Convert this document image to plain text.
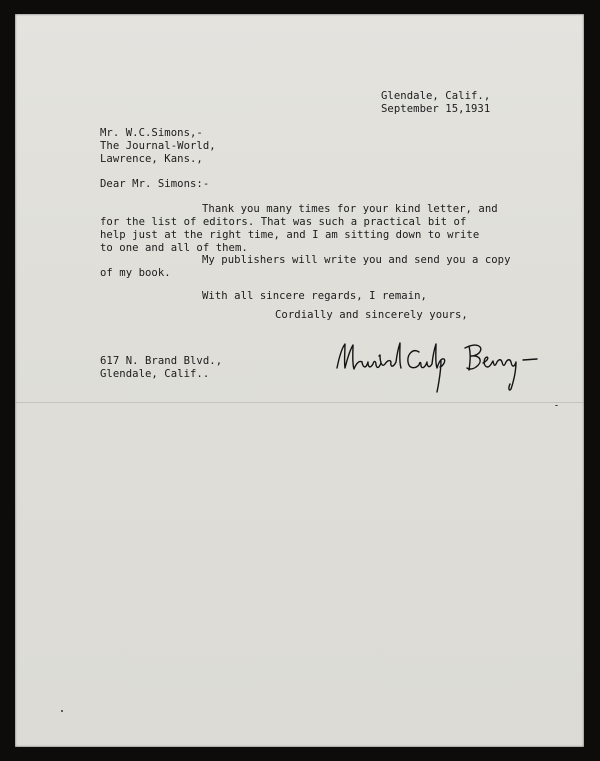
Glendale, Calif.,
September 15,1931
Mr. W.C.Simons,-
The Journal-World,
Lawrence, Kans.,
Dear Mr. Simons:-
Thank you many times for your kind letter, and
for the list of editors. That was such a practical bit of
help just at the right time, and I am sitting down to write
to one and all of them.
My publishers will write you and send you a copy
of my book.
With all sincere regards, I remain,
Cordially and sincerely yours,
617 N. Brand Blvd.,
Glendale, Calif..
